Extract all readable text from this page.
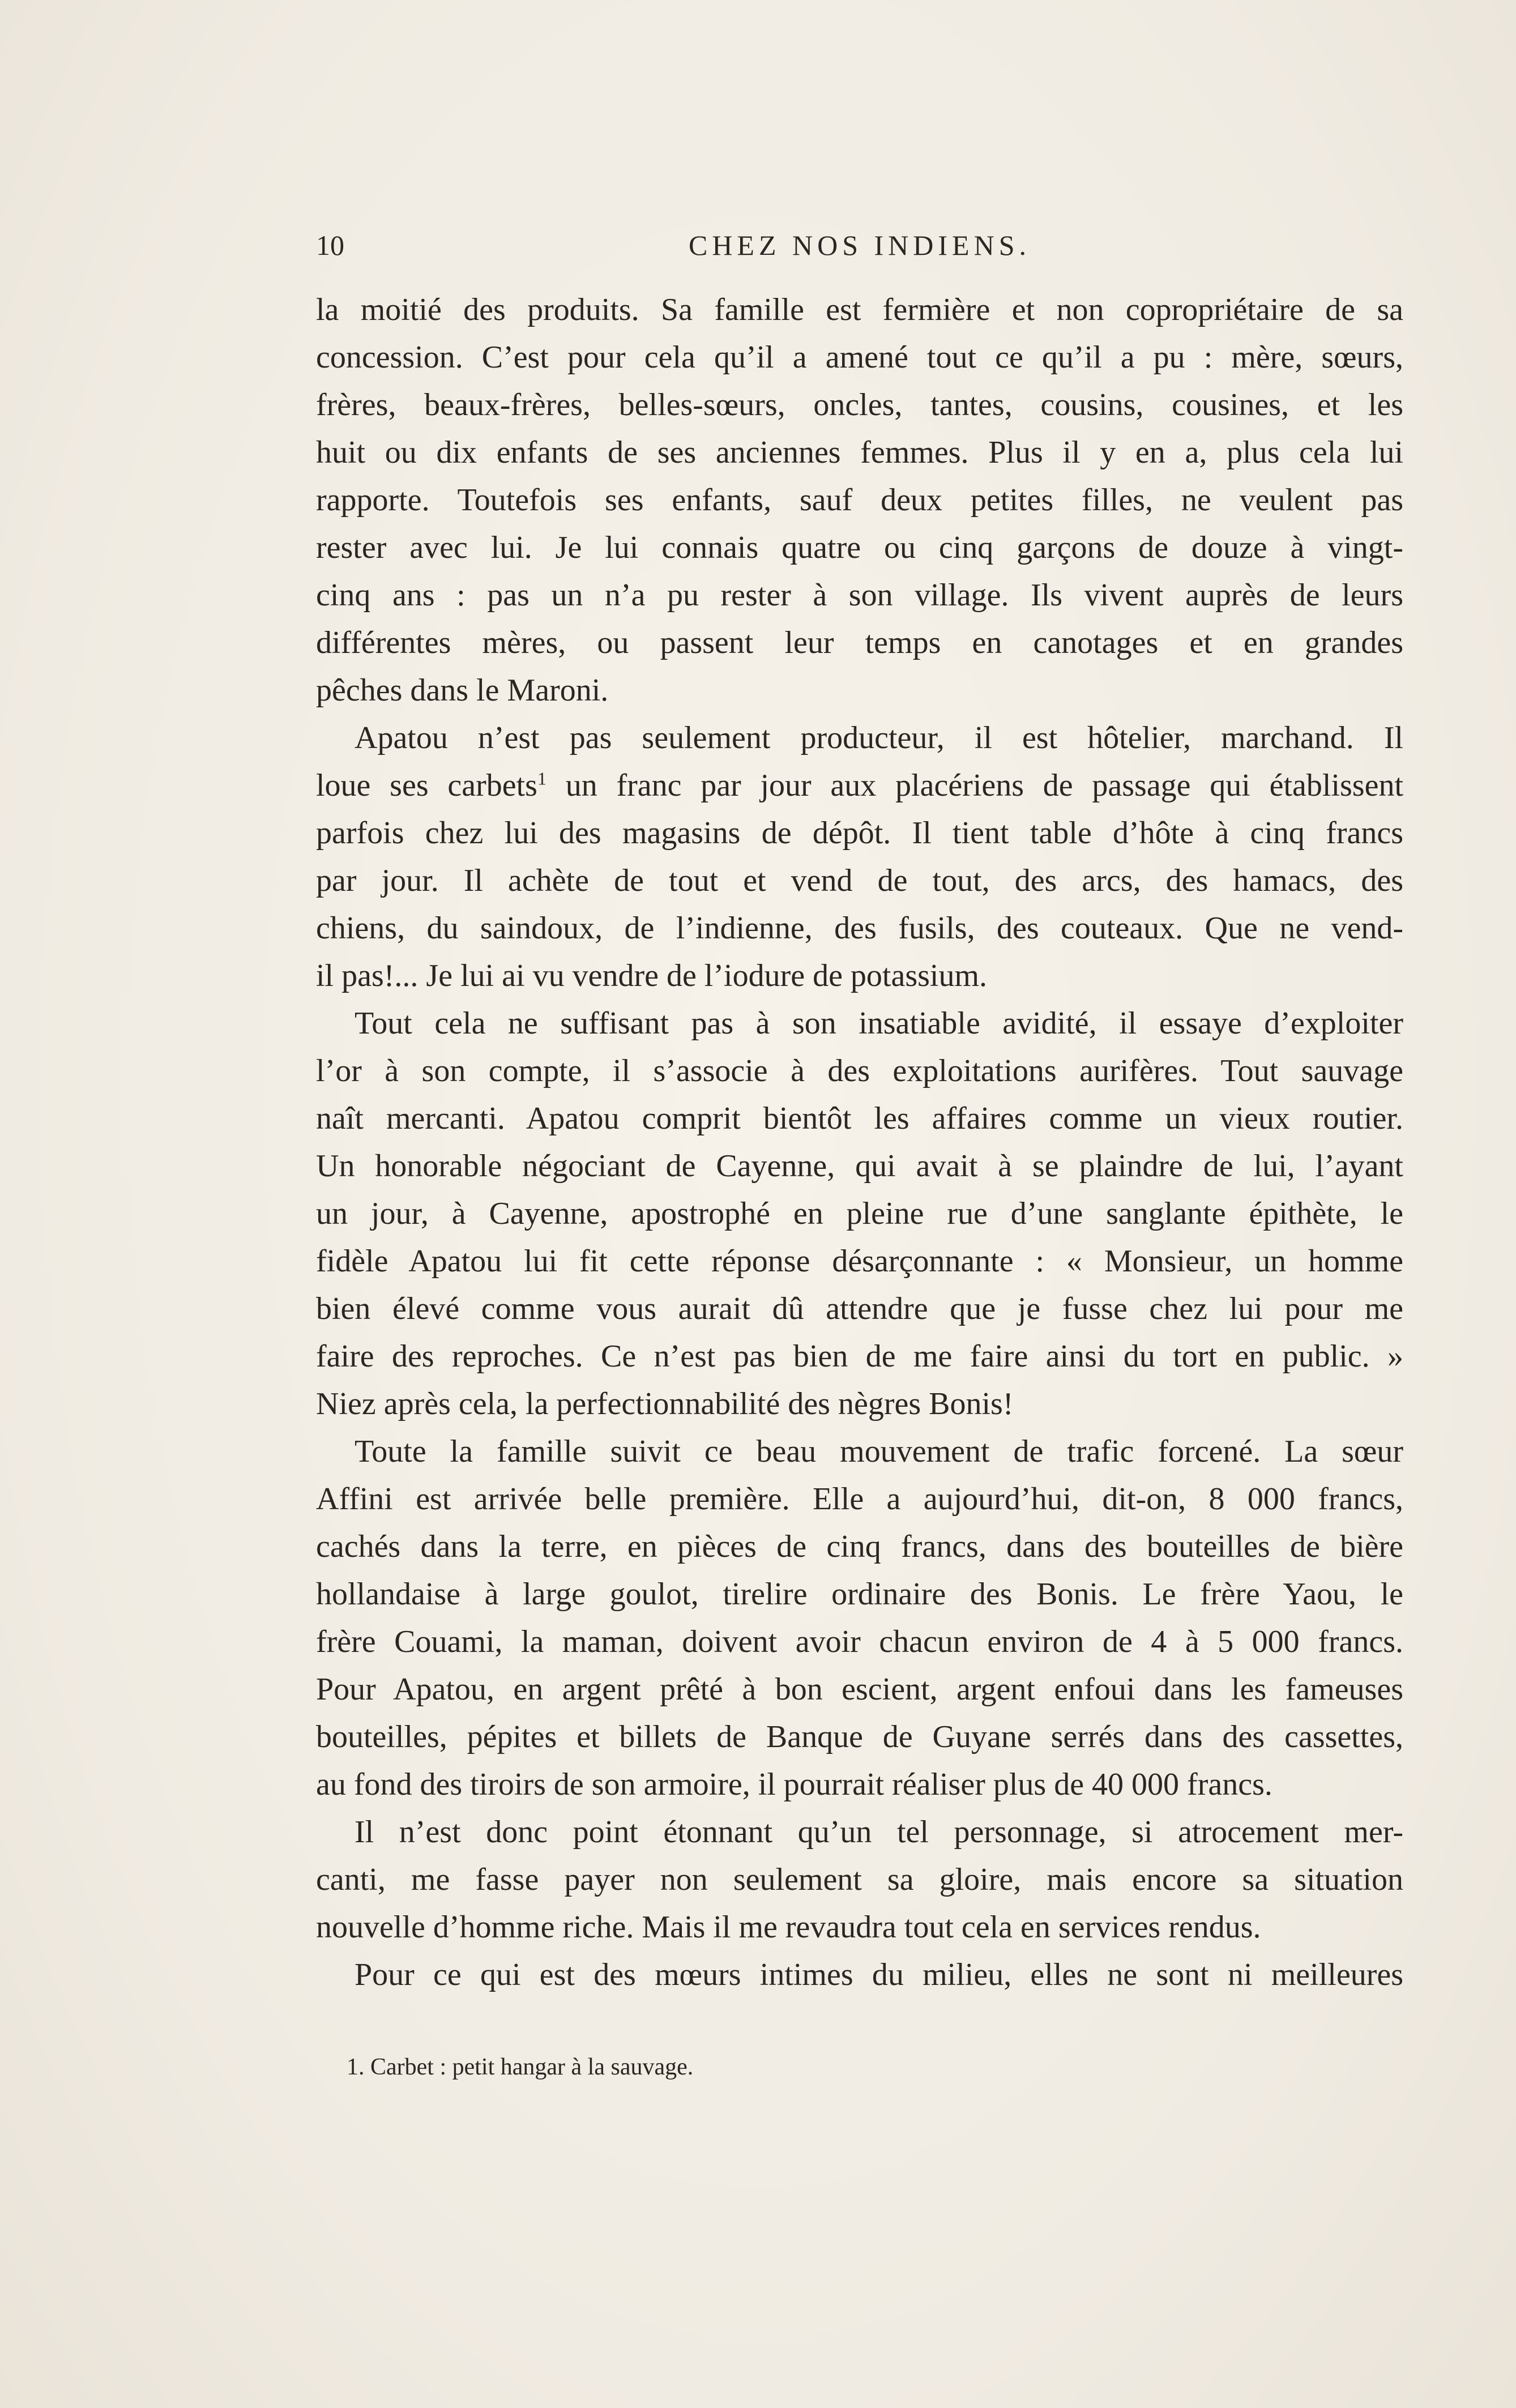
10	CHEZ NOS INDIENS.
la moitié des produits. Sa famille est fermière et non copropriétaire de sa
concession. C’est pour cela qu’il a amené tout ce qu’il a pu : mère, sœurs,
frères, beaux-frères, belles-sœurs, oncles, tantes, cousins, cousines, et les
huit ou dix enfants de ses anciennes femmes. Plus il y en a, plus cela lui
rapporte. Toutefois ses enfants, sauf deux petites filles, ne veulent pas
rester avec lui. Je lui connais quatre ou cinq garçons de douze à vingt-
cinq ans : pas un n’a pu rester à son village. Ils vivent auprès de leurs
différentes mères, ou passent leur temps en canotages et en grandes
pêches dans le Maroni.
Apatou n’est pas seulement producteur, il est hôtelier, marchand. Il
loue ses carbets$^1$ un franc par jour aux placériens de passage qui établissent
parfois chez lui des magasins de dépôt. Il tient table d’hôte à cinq francs
par jour. Il achète de tout et vend de tout, des arcs, des hamacs, des
chiens, du saindoux, de l’indienne, des fusils, des couteaux. Que ne vend-
il pas!... Je lui ai vu vendre de l’iodure de potassium.
Tout cela ne suffisant pas à son insatiable avidité, il essaye d’exploiter
l’or à son compte, il s’associe à des exploitations aurifères. Tout sauvage
naît mercanti. Apatou comprit bientôt les affaires comme un vieux routier.
Un honorable négociant de Cayenne, qui avait à se plaindre de lui, l’ayant
un jour, à Cayenne, apostrophé en pleine rue d’une sanglante épithète, le
fidèle Apatou lui fit cette réponse désarçonnante : « Monsieur, un homme
bien élevé comme vous aurait dû attendre que je fusse chez lui pour me
faire des reproches. Ce n’est pas bien de me faire ainsi du tort en public. »
Niez après cela, la perfectionnabilité des nègres Bonis!
Toute la famille suivit ce beau mouvement de trafic forcené. La sœur
Affini est arrivée belle première. Elle a aujourd’hui, dit-on, 8 000 francs,
cachés dans la terre, en pièces de cinq francs, dans des bouteilles de bière
hollandaise à large goulot, tirelire ordinaire des Bonis. Le frère Yaou, le
frère Couami, la maman, doivent avoir chacun environ de 4 à 5 000 francs.
Pour Apatou, en argent prêté à bon escient, argent enfoui dans les fameuses
bouteilles, pépites et billets de Banque de Guyane serrés dans des cassettes,
au fond des tiroirs de son armoire, il pourrait réaliser plus de 40 000 francs.
Il n’est donc point étonnant qu’un tel personnage, si atrocement mer-
canti, me fasse payer non seulement sa gloire, mais encore sa situation
nouvelle d’homme riche. Mais il me revaudra tout cela en services rendus.
Pour ce qui est des mœurs intimes du milieu, elles ne sont ni meilleures
1. Carbet : petit hangar à la sauvage.
